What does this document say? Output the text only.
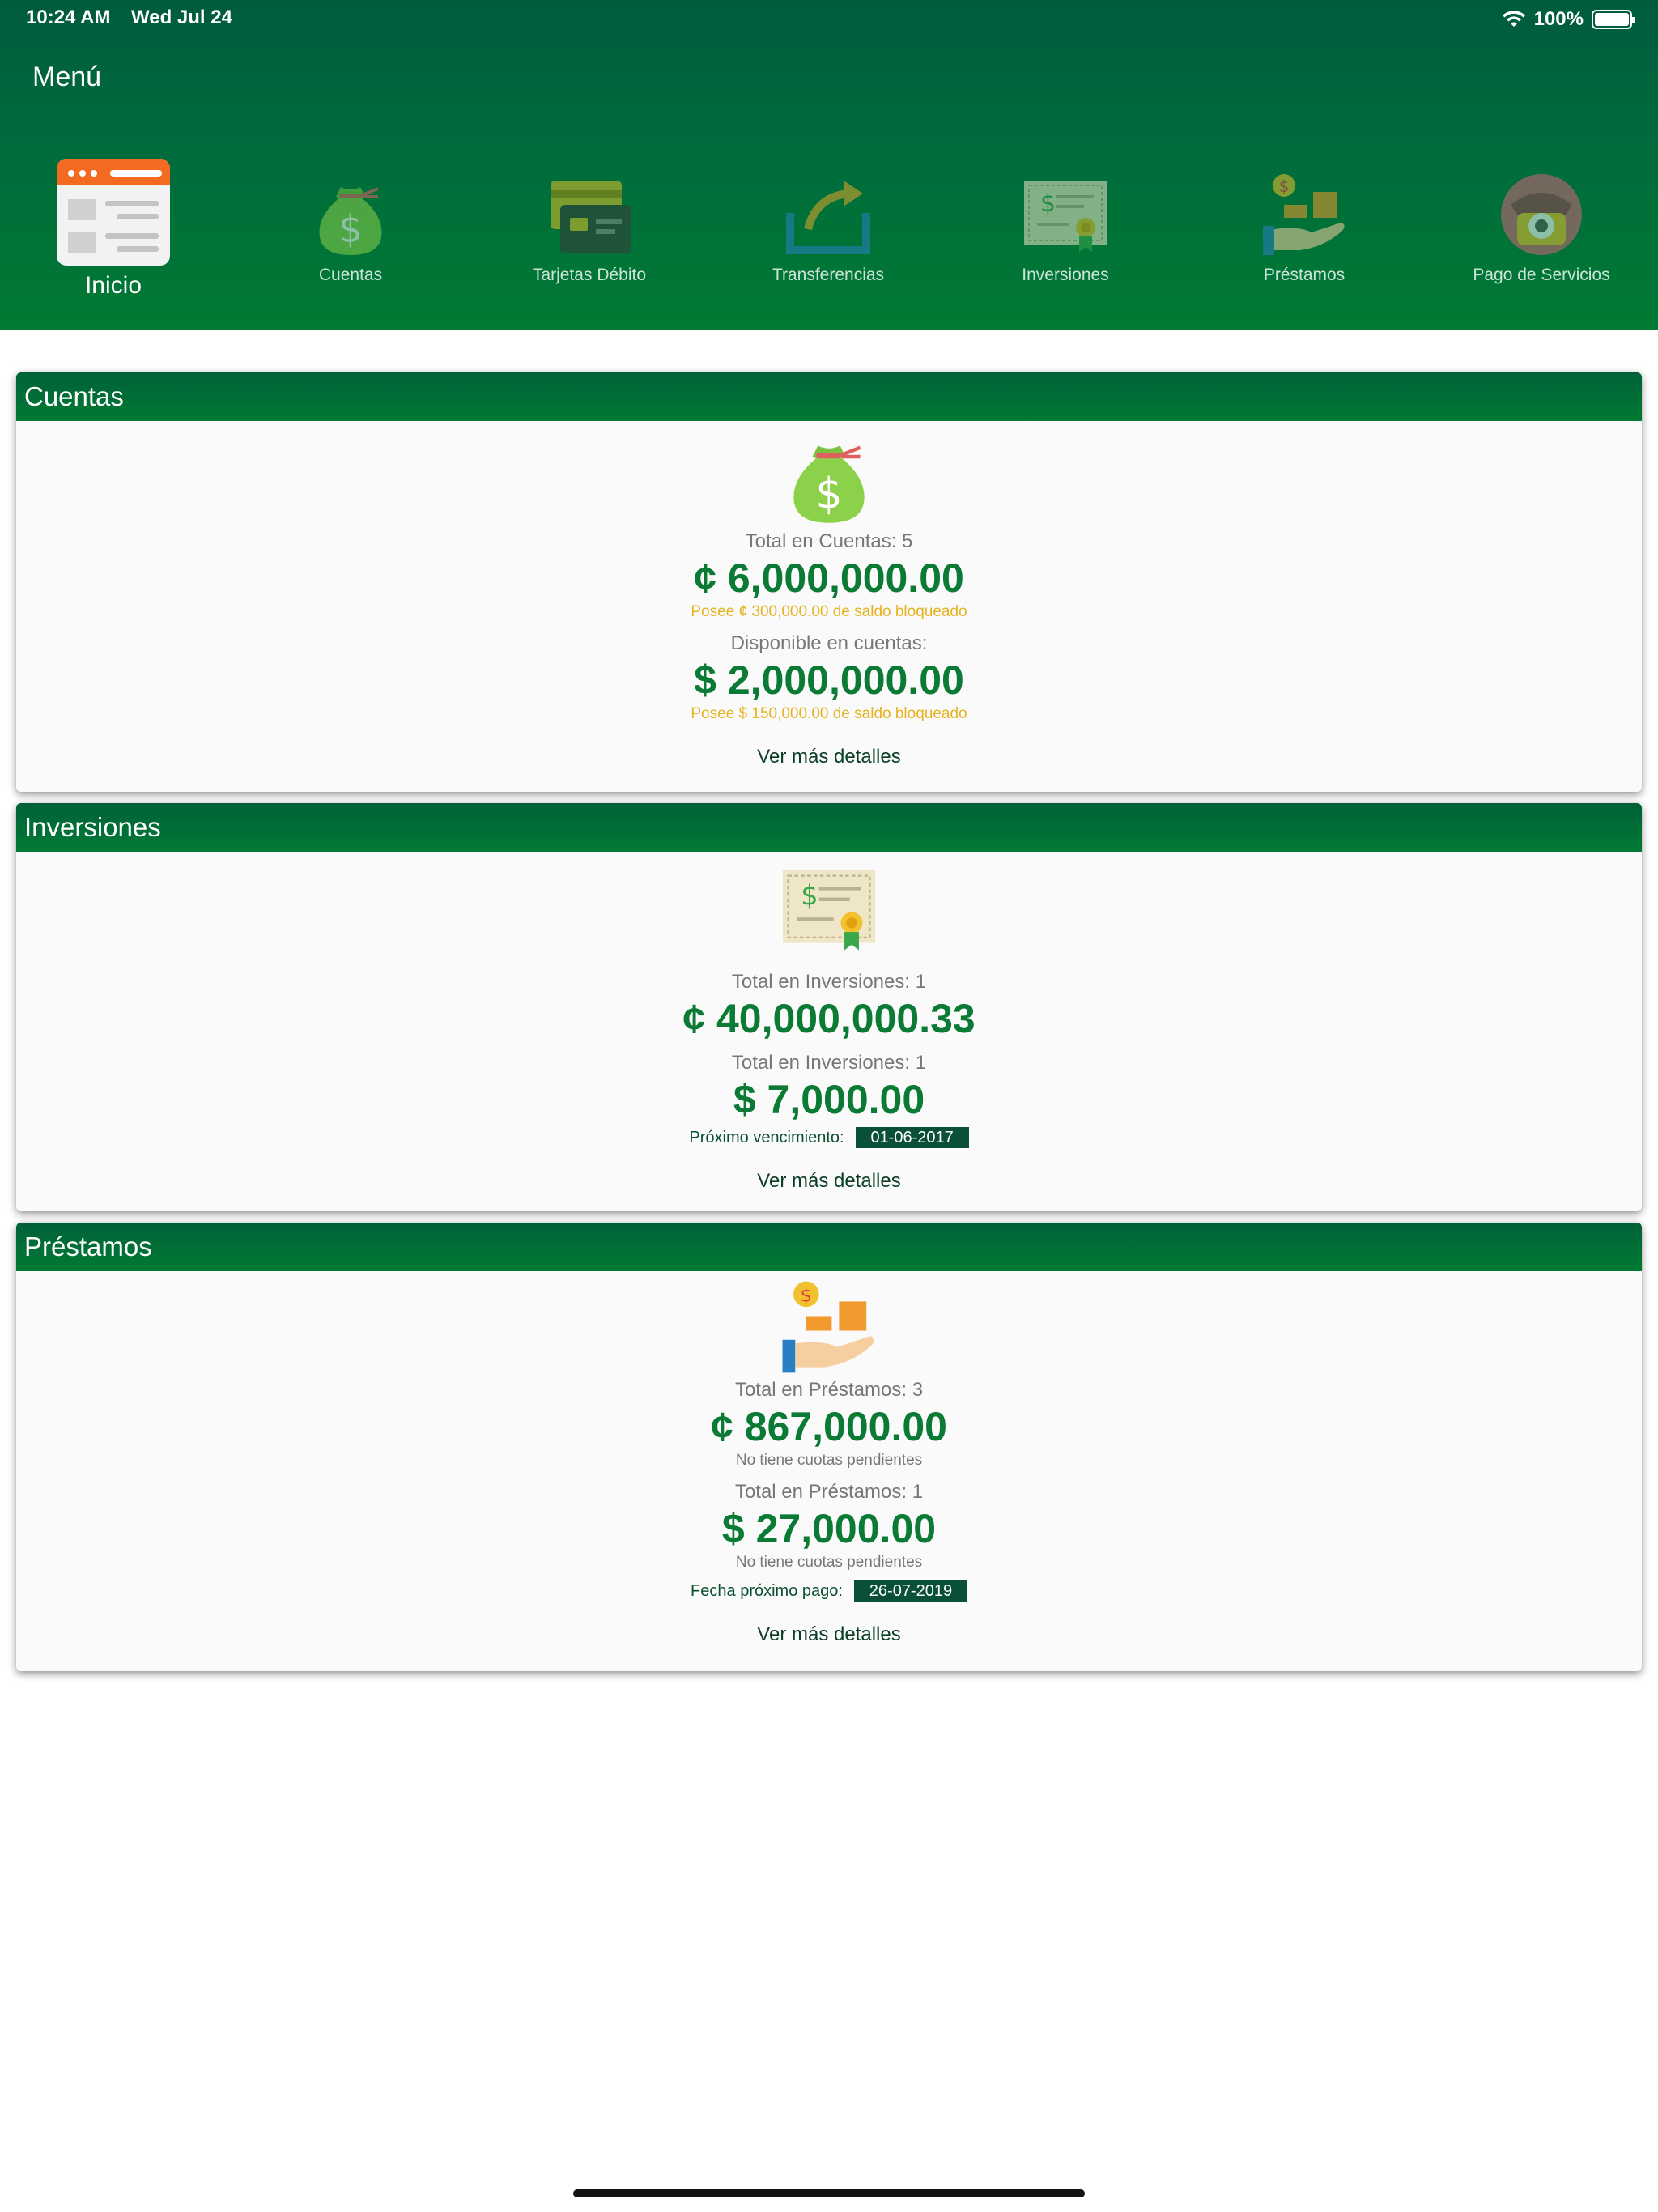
10:24 AM Wed Jul 24	100%
Menú
Inicio
$
Cuentas	Tarjetas Débito	Transferencias
$
Inversiones
$
Préstamos	Pago de Servicios
Cuentas
$
Total en Cuentas: 5
¢ 6,000,000.00
Posee ¢ 300,000.00 de saldo bloqueado
Disponible en cuentas:
$ 2,000,000.00
Posee $ 150,000.00 de saldo bloqueado
Ver más detalles
Inversiones
$
Total en Inversiones: 1
¢ 40,000,000.33
Total en Inversiones: 1
$ 7,000.00
Próximo vencimiento:	01-06-2017
Ver más detalles
Préstamos
$
Total en Préstamos: 3
¢ 867,000.00
No tiene cuotas pendientes
Total en Préstamos: 1
$ 27,000.00
No tiene cuotas pendientes
Fecha próximo pago:	26-07-2019
Ver más detalles
